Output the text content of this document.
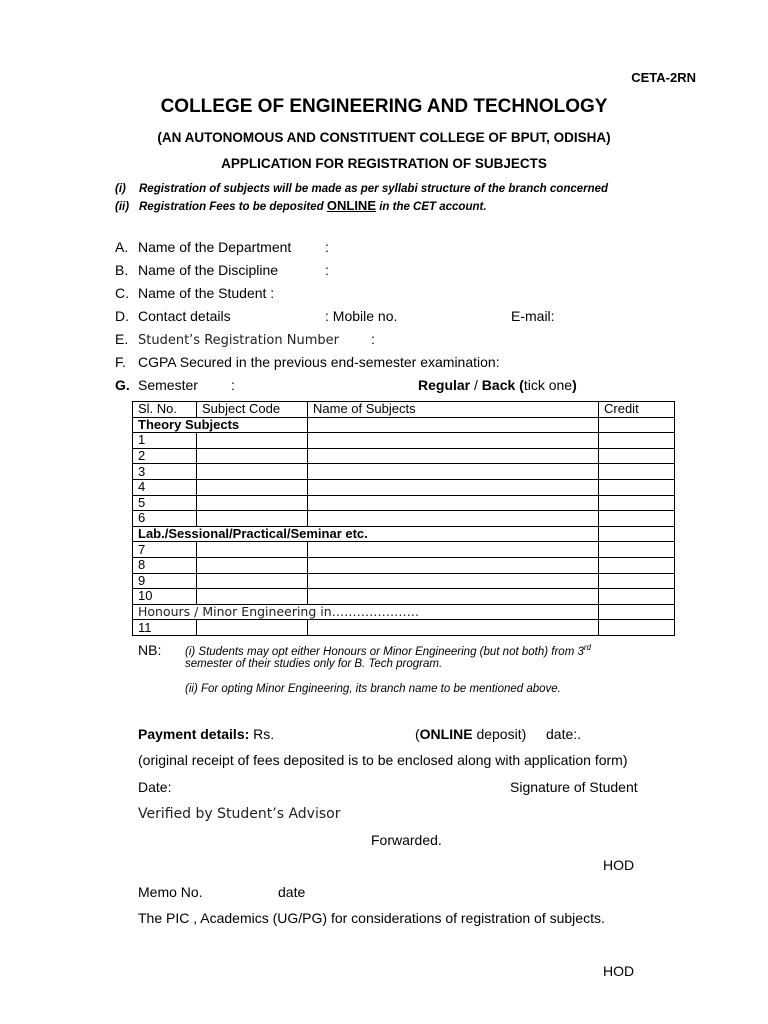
CETA-2RN
COLLEGE OF ENGINEERING AND TECHNOLOGY
(AN AUTONOMOUS AND CONSTITUENT COLLEGE OF BPUT, ODISHA)
APPLICATION FOR REGISTRATION OF SUBJECTS
(i) Registration of subjects will be made as per syllabi structure of the branch concerned
(ii) Registration Fees to be deposited ONLINE in the CET account.
A. Name of the Department :
B. Name of the Discipline	:
C. Name of the Student :
D. Contact details	: Mobile no.	E-mail:
E. Student’s Registration Number :
F. CGPA Secured in the previous end-semester examination:
G. Semester :	Regular / Back (tick one)
Sl. No.	Subject Code	Name of Subjects	Credit
Theory Subjects			
1			
2			
3			
4			
5			
6			
Lab./Sessional/Practical/Seminar etc.			
7			
8			
9			
10			
Honours / Minor Engineering in…………………			
11			
NB: (i) Students may opt either Honours or Minor Engineering (but not both) from 3rd
semester of their studies only for B. Tech program.
(ii) For opting Minor Engineering, its branch name to be mentioned above.
Payment details: Rs.	(ONLINE deposit) date:.
(original receipt of fees deposited is to be enclosed along with application form)
Date:	Signature of Student
Verified by Student’s Advisor
Forwarded.
HOD
Memo No.	date
The PIC , Academics (UG/PG) for considerations of registration of subjects.
HOD
